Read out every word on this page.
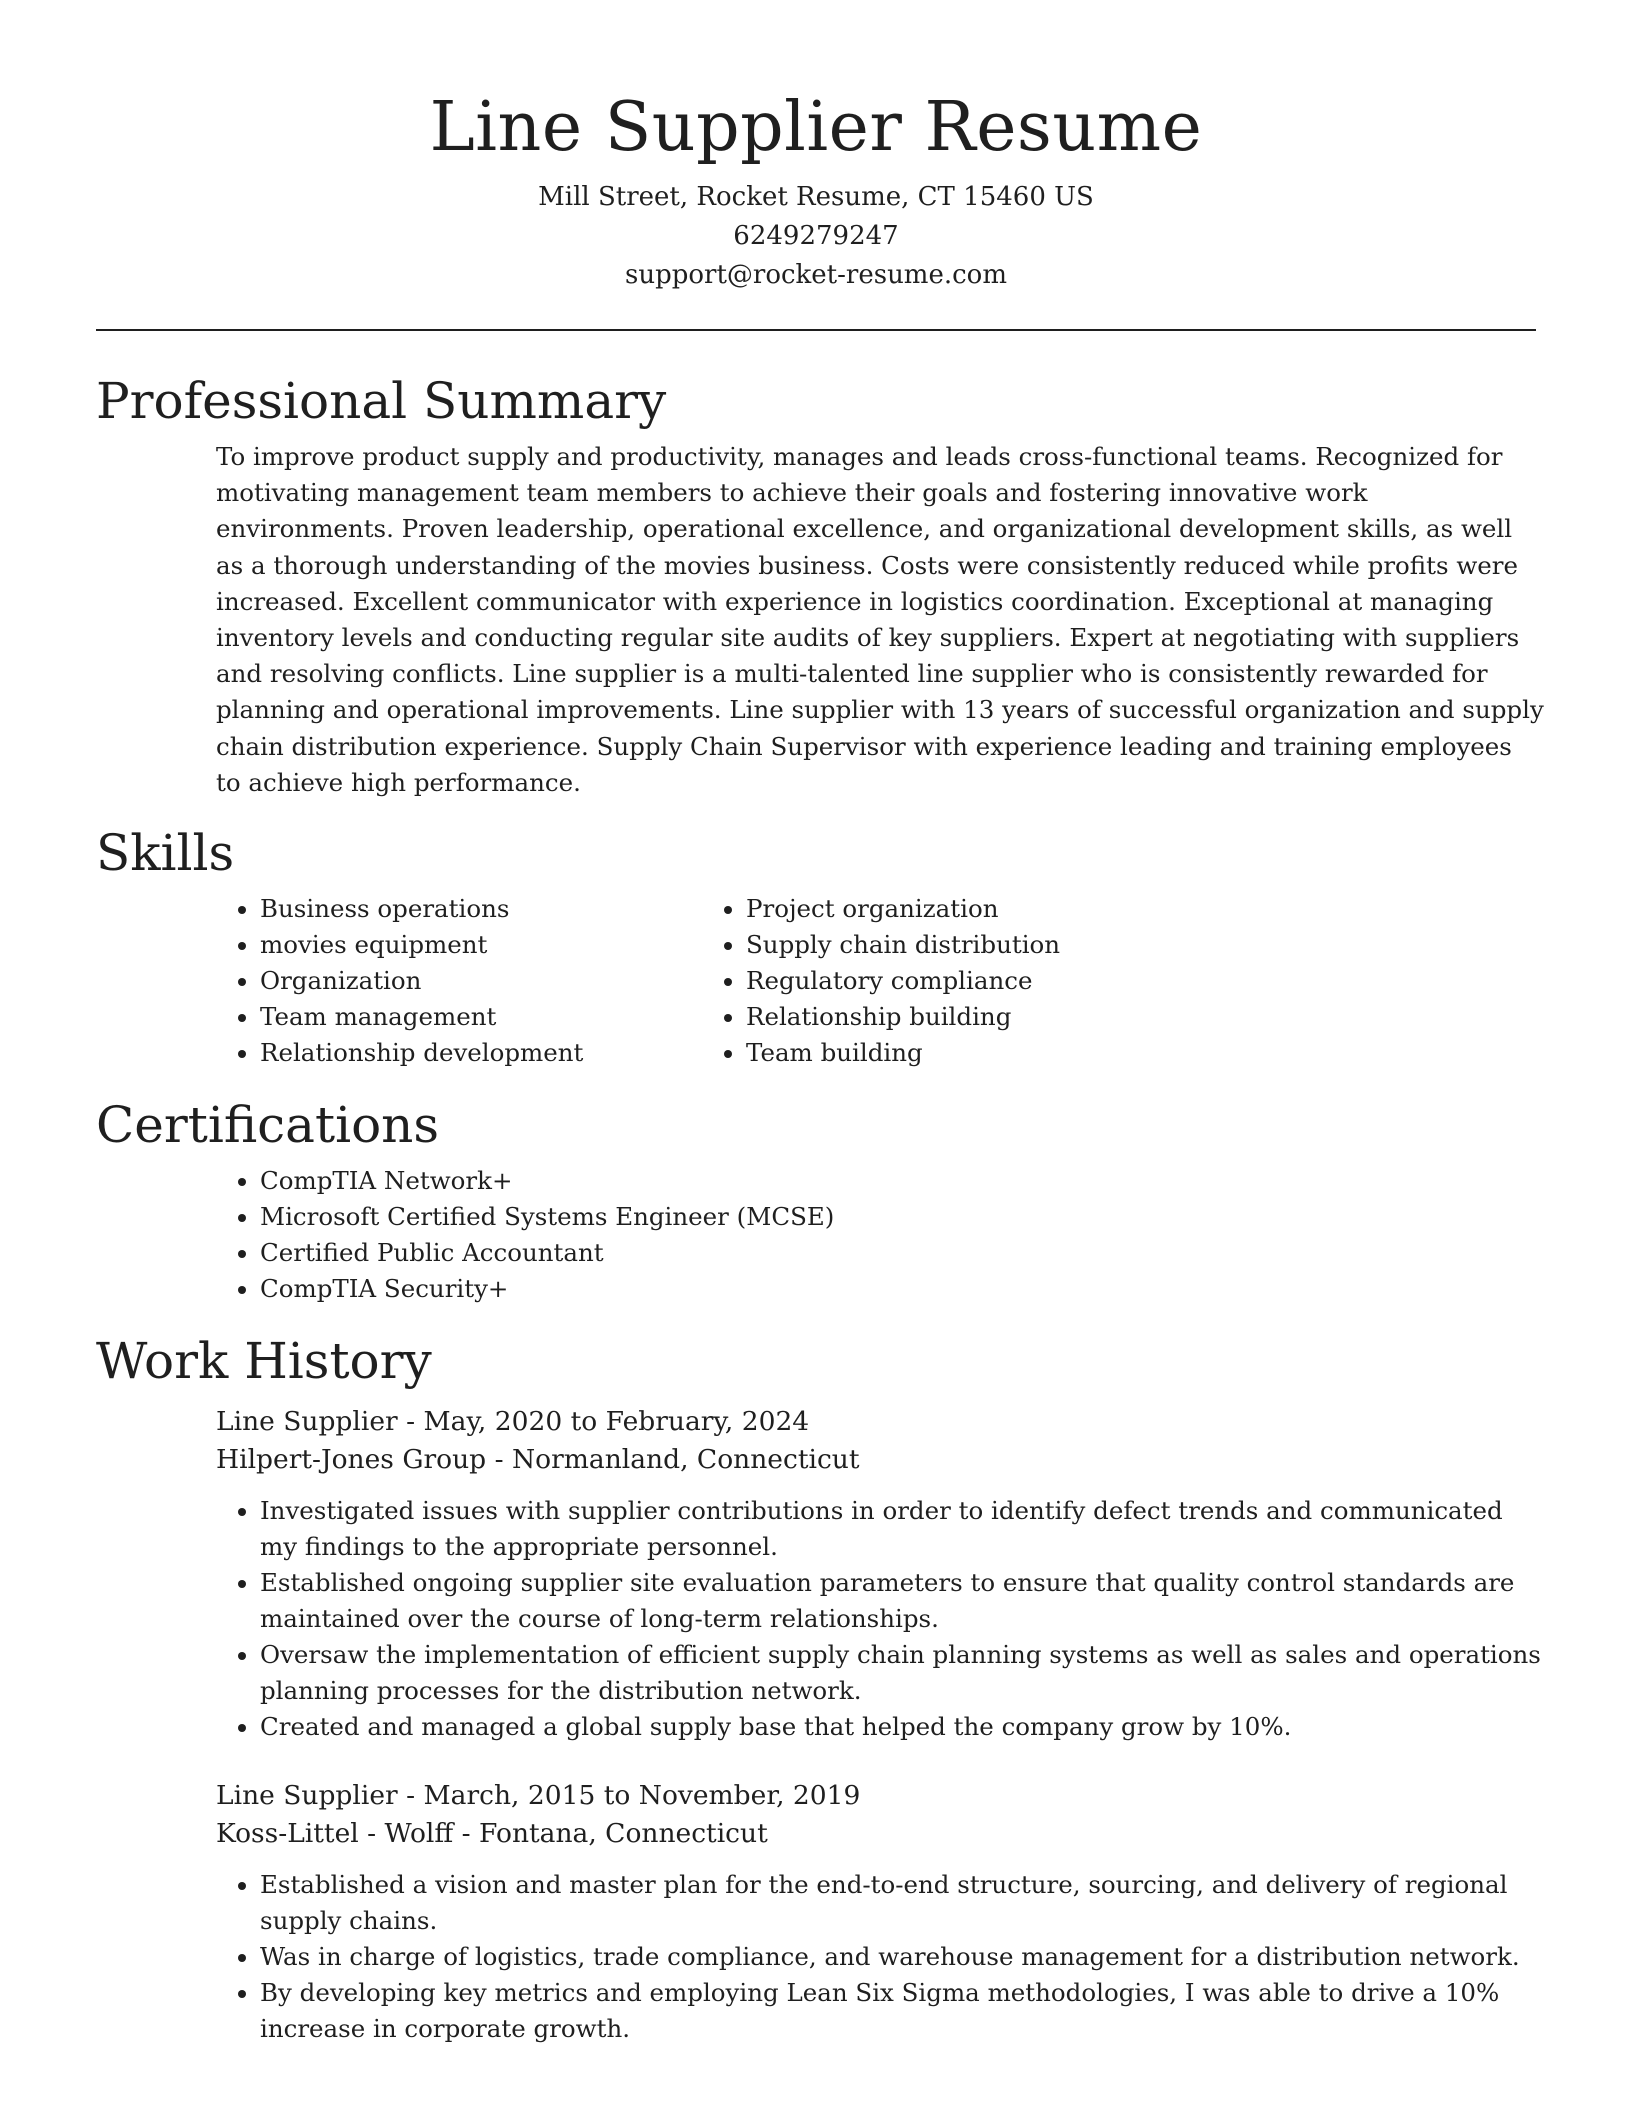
Line Supplier Resume
Mill Street, Rocket Resume, CT 15460 US
6249279247
support@rocket-resume.com
Professional Summary

To improve product supply and productivity, manages and leads cross-functional teams. Recognized for motivating management team members to achieve their goals and fostering innovative work environments. Proven leadership, operational excellence, and organizational development skills, as well as a thorough understanding of the movies business. Costs were consistently reduced while profits were increased. Excellent communicator with experience in logistics coordination. Exceptional at managing inventory levels and conducting regular site audits of key suppliers. Expert at negotiating with suppliers and resolving conflicts. Line supplier is a multi-talented line supplier who is consistently rewarded for planning and operational improvements. Line supplier with 13 years of successful organization and supply chain distribution experience. Supply Chain Supervisor with experience leading and training employees to achieve high performance.

Skills
• Business operations
• movies equipment
• Organization
• Team management
• Relationship development
• Project organization
• Supply chain distribution
• Regulatory compliance
• Relationship building
• Team building
Certifications
• CompTIA Network+
• Microsoft Certified Systems Engineer (MCSE)
• Certified Public Accountant
• CompTIA Security+
Work History
Line Supplier - May, 2020 to February, 2024
Hilpert-Jones Group - Normanland, Connecticut
• Investigated issues with supplier contributions in order to identify defect trends and communicated my findings to the appropriate personnel.
• Established ongoing supplier site evaluation parameters to ensure that quality control standards are maintained over the course of long-term relationships.
• Oversaw the implementation of efficient supply chain planning systems as well as sales and operations planning processes for the distribution network.
• Created and managed a global supply base that helped the company grow by 10%.
Line Supplier - March, 2015 to November, 2019
Koss-Littel - Wolff - Fontana, Connecticut
• Established a vision and master plan for the end-to-end structure, sourcing, and delivery of regional supply chains.
• Was in charge of logistics, trade compliance, and warehouse management for a distribution network.
• By developing key metrics and employing Lean Six Sigma methodologies, I was able to drive a 10% increase in corporate growth.
